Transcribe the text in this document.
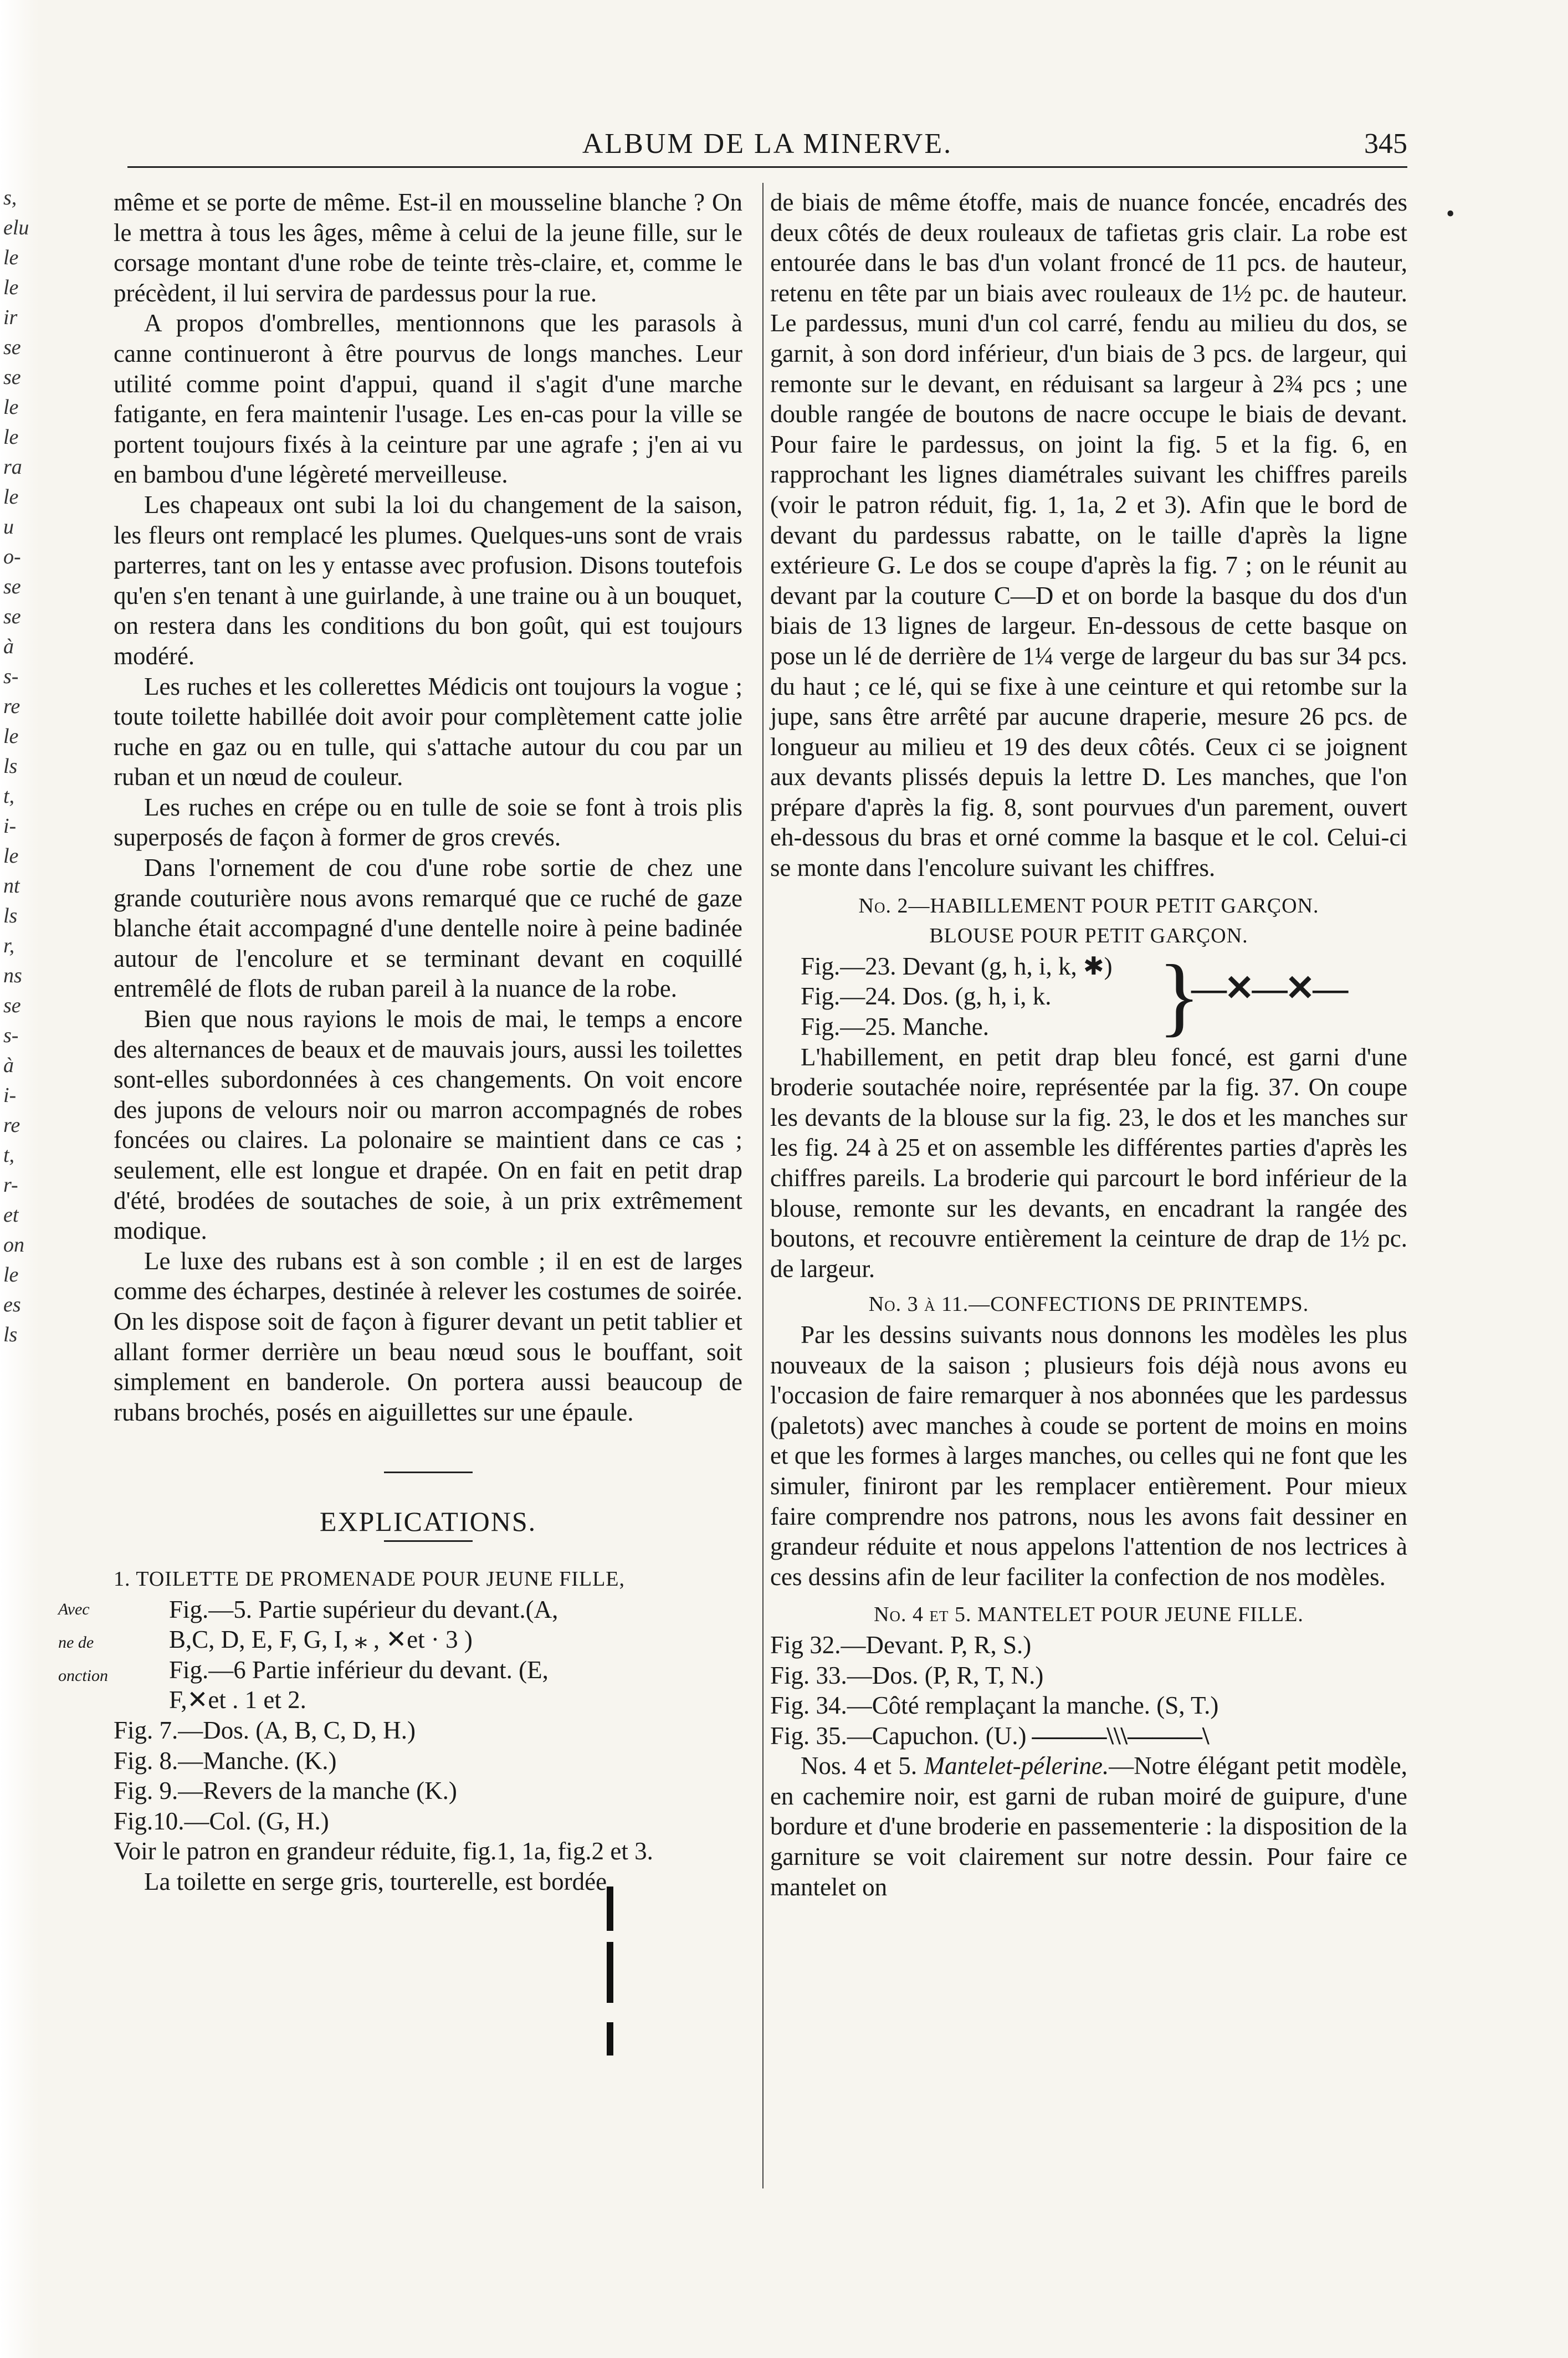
s,
elu
le
le
ir
se
se
le
le
ra
le
u
o-
se
se
à
s-
re
le
ls
t,
i-
le
nt
ls
r,
ns
se
s-
à
i-
re
t,
r-
et
on
le
es
ls
ALBUM DE LA MINERVE.	345

même et se porte de même. Est-il en mousseline blanche ? On le mettra à tous les âges, même à celui de la jeune fille, sur le corsage montant d'une robe de teinte très-claire, et, comme le précèdent, il lui servira de pardessus pour la rue.

A propos d'ombrelles, mentionnons que les parasols à canne continueront à être pourvus de longs manches. Leur utilité comme point d'appui, quand il s'agit d'une marche fatigante, en fera maintenir l'usage. Les en-cas pour la ville se portent toujours fixés à la ceinture par une agrafe ; j'en ai vu en bambou d'une légèreté merveilleuse.

Les chapeaux ont subi la loi du changement de la saison, les fleurs ont remplacé les plumes. Quelques-uns sont de vrais parterres, tant on les y entasse avec profusion. Disons toutefois qu'en s'en tenant à une guirlande, à une traine ou à un bouquet, on restera dans les conditions du bon goût, qui est toujours modéré.

Les ruches et les collerettes Médicis ont toujours la vogue ; toute toilette habillée doit avoir pour complètement catte jolie ruche en gaz ou en tulle, qui s'attache autour du cou par un ruban et un nœud de couleur.

Les ruches en crépe ou en tulle de soie se font à trois plis superposés de façon à former de gros crevés.

Dans l'ornement de cou d'une robe sortie de chez une grande couturière nous avons remarqué que ce ruché de gaze blanche était accompagné d'une dentelle noire à peine badinée autour de l'encolure et se terminant devant en coquillé entremêlé de flots de ruban pareil à la nuance de la robe.

Bien que nous rayions le mois de mai, le temps a encore des alternances de beaux et de mauvais jours, aussi les toilettes sont-elles subordonnées à ces changements. On voit encore des jupons de velours noir ou marron accompagnés de robes foncées ou claires. La polonaire se maintient dans ce cas ; seulement, elle est longue et drapée. On en fait en petit drap d'été, brodées de soutaches de soie, à un prix extrêmement modique.

Le luxe des rubans est à son comble ; il en est de larges comme des écharpes, destinée à relever les costumes de soirée. On les dispose soit de façon à figurer devant un petit tablier et allant former derrière un beau nœud sous le bouffant, soit simplement en banderole. On portera aussi beaucoup de rubans brochés, posés en aiguillettes sur une épaule.

EXPLICATIONS.

1. TOILETTE DE PROMENADE POUR JEUNE FILLE,

Avec
ne de
onction
Fig.—5. Partie supérieur du devant.(A,
B,C, D, E, F, G, I, ⁎ , ✕et · 3 )
Fig.—6 Partie inférieur du devant. (E,
F,✕et . 1 et 2.
Fig. 7.—Dos. (A, B, C, D, H.)
Fig. 8.—Manche. (K.)
Fig. 9.—Revers de la manche (K.)
Fig.10.—Col. (G, H.)
Voir le patron en grandeur réduite, fig.1, 1a, fig.2 et 3.

La toilette en serge gris, tourterelle, est bordée

de biais de même étoffe, mais de nuance foncée, encadrés des deux côtés de deux rouleaux de tafietas gris clair. La robe est entourée dans le bas d'un volant froncé de 11 pcs. de hauteur, retenu en tête par un biais avec rouleaux de 1½ pc. de hauteur. Le pardessus, muni d'un col carré, fendu au milieu du dos, se garnit, à son dord inférieur, d'un biais de 3 pcs. de largeur, qui remonte sur le devant, en réduisant sa largeur à 2¾ pcs ; une double rangée de boutons de nacre occupe le biais de devant. Pour faire le pardessus, on joint la fig. 5 et la fig. 6, en rapprochant les lignes diamétrales suivant les chiffres pareils (voir le patron réduit, fig. 1, 1a, 2 et 3). Afin que le bord de devant du pardessus rabatte, on le taille d'après la ligne extérieure G. Le dos se coupe d'après la fig. 7 ; on le réunit au devant par la couture C—D et on borde la basque du dos d'un biais de 13 lignes de largeur. En-dessous de cette basque on pose un lé de derrière de 1¼ verge de largeur du bas sur 34 pcs. du haut ; ce lé, qui se fixe à une ceinture et qui retombe sur la jupe, sans être arrêté par aucune draperie, mesure 26 pcs. de longueur au milieu et 19 des deux côtés. Ceux ci se joignent aux devants plissés depuis la lettre D. Les manches, que l'on prépare d'après la fig. 8, sont pourvues d'un parement, ouvert eh-dessous du bras et orné comme la basque et le col. Celui-ci se monte dans l'encolure suivant les chiffres.

No. 2—HABILLEMENT POUR PETIT GARÇON.

BLOUSE POUR PETIT GARÇON.

Fig.—23. Devant (g, h, i, k, ✱)
Fig.—24. Dos. (g, h, i, k.
Fig.—25. Manche.	}
—✕—✕—

L'habillement, en petit drap bleu foncé, est garni d'une broderie soutachée noire, représentée par la fig. 37. On coupe les devants de la blouse sur la fig. 23, le dos et les manches sur les fig. 24 à 25 et on assemble les différentes parties d'après les chiffres pareils. La broderie qui parcourt le bord inférieur de la blouse, remonte sur les devants, en encadrant la rangée des boutons, et recouvre entièrement la ceinture de drap de 1½ pc. de largeur.

No. 3 à 11.—CONFECTIONS DE PRINTEMPS.

Par les dessins suivants nous donnons les modèles les plus nouveaux de la saison ; plusieurs fois déjà nous avons eu l'occasion de faire remarquer à nos abonnées que les pardessus (paletots) avec manches à coude se portent de moins en moins et que les formes à larges manches, ou celles qui ne font que les simuler, finiront par les remplacer entièrement. Pour mieux faire comprendre nos patrons, nous les avons fait dessiner en grandeur réduite et nous appelons l'attention de nos lectrices à ces dessins afin de leur faciliter la confection de nos modèles.

No. 4 et 5. MANTELET POUR JEUNE FILLE.

Fig 32.—Devant. P, R, S.)
Fig. 33.—Dos. (P, R, T, N.)
Fig. 34.—Côté remplaçant la manche. (S, T.)
Fig. 35.—Capuchon. (U.) ———\\\———\

Nos. 4 et 5. Mantelet-pélerine.—Notre élégant petit modèle, en cachemire noir, est garni de ruban moiré de guipure, d'une bordure et d'une broderie en passementerie : la disposition de la garniture se voit clairement sur notre dessin. Pour faire ce mantelet on

•
